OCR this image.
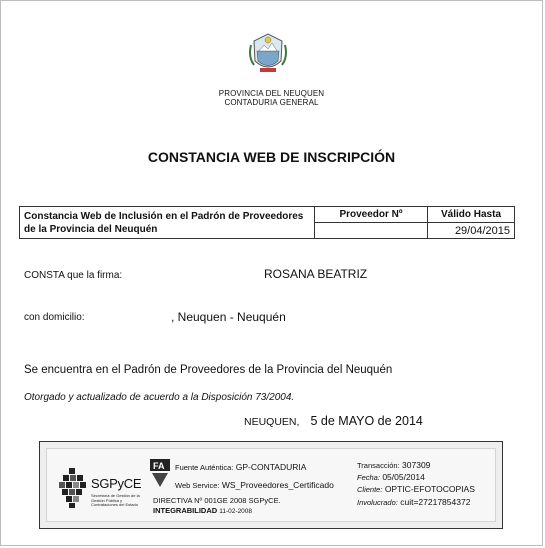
PROVINCIA DEL NEUQUEN
CONTADURIA GENERAL
CONSTANCIA WEB DE INSCRIPCIÓN
Constancia Web de Inclusión en el Padrón de Proveedores de la Provincia del Neuquén	Proveedor Nº	Válido Hasta
		29/04/2015
CONSTA que la firma:	ROSANA BEATRIZ
con domicilio:	, Neuquen - Neuquén
Se encuentra en el Padrón de Proveedores de la Provincia del Neuquén
Otorgado y actualizado de acuerdo a la Disposición 73/2004.
NEUQUEN, 5 de MAYO de 2014
SGPyCE
Secretaría de Gestión de la Gestión Pública y Contrataciones del Estado
FA Fuente Auténtica: GP-CONTADURIA
Web Service: WS_Proveedores_Certificado
DIRECTIVA Nº 001GE 2008 SGPyCE.
INTEGRABILIDAD 11-02-2008
Transacción: 307309
Fecha: 05/05/2014
Cliente: OPTIC-EFOTOCOPIAS
Involucrado: cuit=27217854372
